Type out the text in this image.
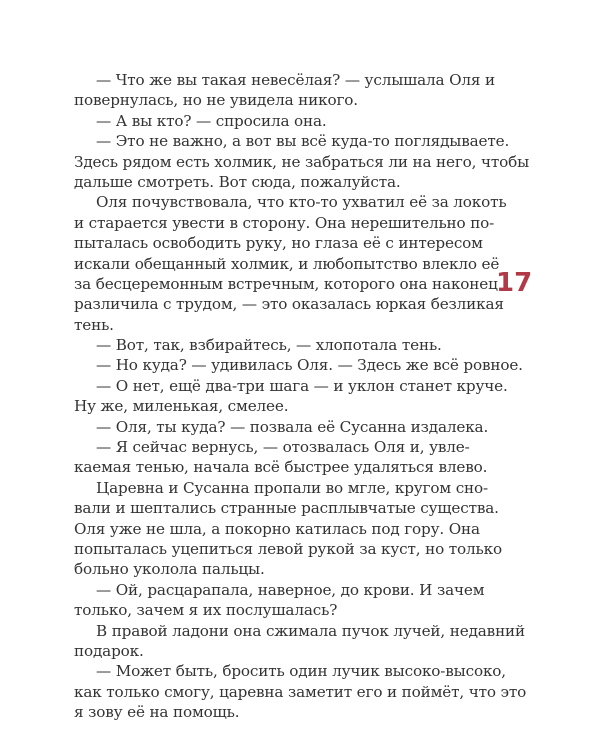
— Что же вы такая невесёлая? — услышала Оля и
повернулась, но не увидела никого.
— А вы кто? — спросила она.
— Это не важно, а вот вы всё куда-то поглядываете.
Здесь рядом есть холмик, не забраться ли на него, чтобы
дальше смотреть. Вот сюда, пожалуйста.
Оля почувствовала, что кто-то ухватил её за локоть
и старается увести в сторону. Она нерешительно по-
пыталась освободить руку, но глаза её с интересом
искали обещанный холмик, и любопытство влекло её
за бесцеремонным встречным, которого она наконец
различила с трудом, — это оказалась юркая безликая
тень.
— Вот, так, взбирайтесь, — хлопотала тень.
— Но куда? — удивилась Оля. — Здесь же всё ровное.
— О нет, ещё два-три шага — и уклон станет круче.
Ну же, миленькая, смелее.
— Оля, ты куда? — позвала её Сусанна издалека.
— Я сейчас вернусь, — отозвалась Оля и, увле-
каемая тенью, начала всё быстрее удаляться влево.
Царевна и Сусанна пропали во мгле, кругом сно-
вали и шептались странные расплывчатые существа.
Оля уже не шла, а покорно катилась под гору. Она
попыталась уцепиться левой рукой за куст, но только
больно уколола пальцы.
— Ой, расцарапала, наверное, до крови. И зачем
только, зачем я их послушалась?
В правой ладони она сжимала пучок лучей, недавний
подарок.
— Может быть, бросить один лучик высоко-высоко,
как только смогу, царевна заметит его и поймёт, что это
я зову её на помощь.
17
